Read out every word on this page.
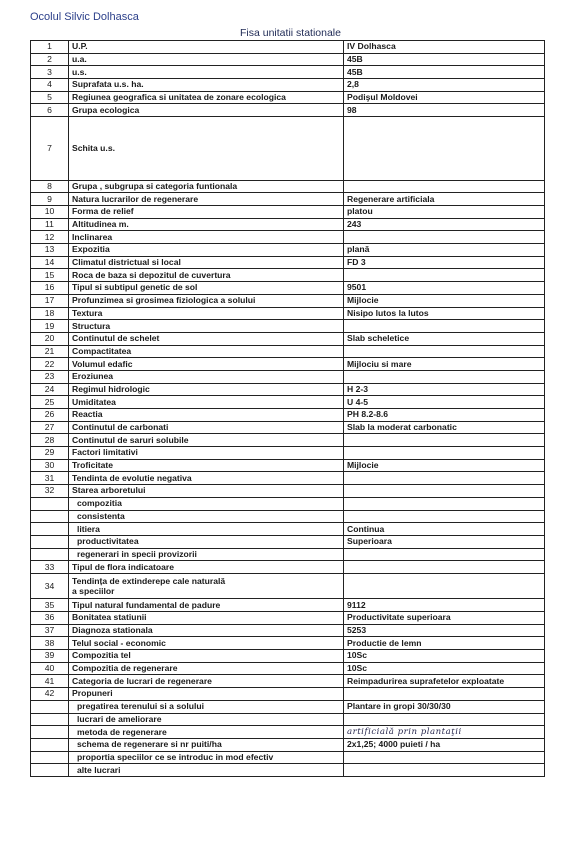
Ocolul Silvic Dolhasca
Fisa unitatii stationale
1	U.P.	IV Dolhasca
2	u.a.	45B
3	u.s.	45B
4	Suprafata u.s. ha.	2,8
5	Regiunea geografica si unitatea de zonare ecologica	Podişul Moldovei
6	Grupa ecologica	98
7	Schita u.s.	
8	Grupa , subgrupa si categoria funtionala	
9	Natura lucrarilor de regenerare	Regenerare artificiala
10	Forma de relief	platou
11	Altitudinea m.	243
12	Inclinarea	
13	Expozitia	plană
14	Climatul districtual si local	FD 3
15	Roca de baza si depozitul de cuvertura	
16	Tipul si subtipul genetic de sol	9501
17	Profunzimea si grosimea fiziologica a solului	Mijlocie
18	Textura	Nisipo lutos la lutos
19	Structura	
20	Continutul de schelet	Slab scheletice
21	Compactitatea	
22	Volumul edafic	Mijlociu si mare
23	Eroziunea	
24	Regimul hidrologic	H 2-3
25	Umiditatea	U 4-5
26	Reactia	PH 8.2-8.6
27	Continutul de carbonati	Slab la moderat carbonatic
28	Continutul de saruri solubile	
29	Factori limitativi	
30	Troficitate	Mijlocie
31	Tendinta de evolutie negativa	
32	Starea arboretului	
	compozitia	
	consistenta	
	litiera	Continua
	productivitatea	Superioara
	regenerari in specii provizorii	
33	Tipul de flora indicatoare	
34	Tendința de extinderepe cale naturală
a speciilor	

35	Tipul natural fundamental de padure	9112
36	Bonitatea statiunii	Productivitate superioara
37	Diagnoza stationala	5253
38	Telul social - economic	Productie de lemn
39	Compozitia tel	10Sc
40	Compozitia de regenerare	10Sc
41	Categoria de lucrari de regenerare	Reimpadurirea suprafetelor exploatate
42	Propuneri	
	pregatirea terenului si a solului	Plantare in gropi 30/30/30
	lucrari de ameliorare	
	metoda de regenerare	artificială prin plantaţii
	schema de regenerare si nr puiti/ha	2x1,25; 4000 puieti / ha
	proportia speciilor ce se introduc in mod efectiv	
	alte lucrari	
